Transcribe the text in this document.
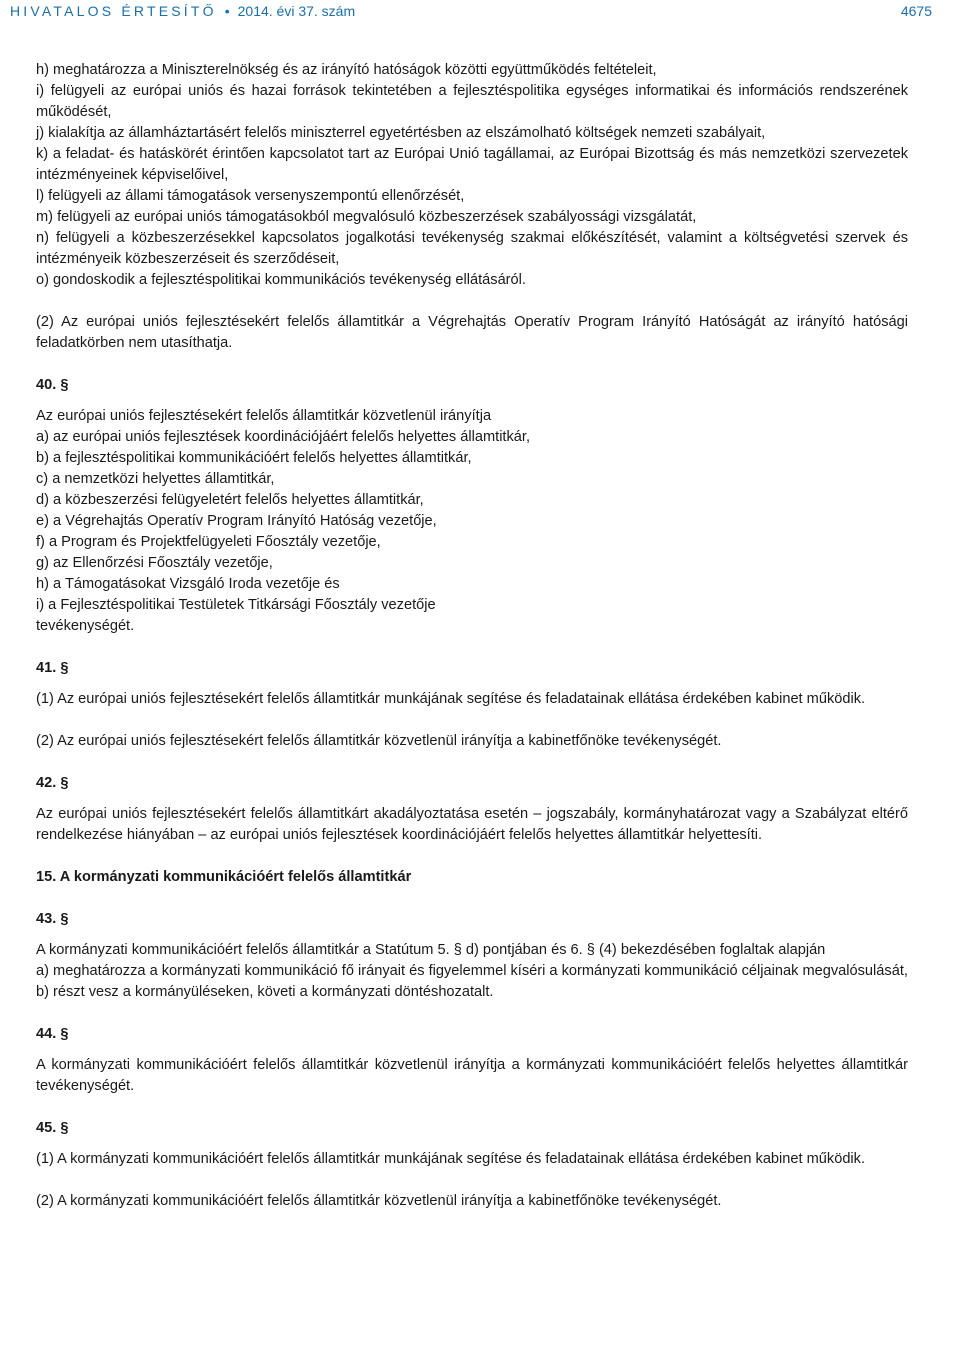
HIVATALOS ÉRTESÍTŐ • 2014. évi 37. szám	4675

h) meghatározza a Miniszterelnökség és az irányító hatóságok közötti együttműködés feltételeit,

i) felügyeli az európai uniós és hazai források tekintetében a fejlesztéspolitika egységes informatikai és információs rendszerének működését,

j) kialakítja az államháztartásért felelős miniszterrel egyetértésben az elszámolható költségek nemzeti szabályait,

k) a feladat- és hatáskörét érintően kapcsolatot tart az Európai Unió tagállamai, az Európai Bizottság és más nemzetközi szervezetek intézményeinek képviselőivel,

l) felügyeli az állami támogatások versenyszempontú ellenőrzését,

m) felügyeli az európai uniós támogatásokból megvalósuló közbeszerzések szabályossági vizsgálatát,

n) felügyeli a közbeszerzésekkel kapcsolatos jogalkotási tevékenység szakmai előkészítését, valamint a költségvetési szervek és intézményeik közbeszerzéseit és szerződéseit,

o) gondoskodik a fejlesztéspolitikai kommunikációs tevékenység ellátásáról.

(2) Az európai uniós fejlesztésekért felelős államtitkár a Végrehajtás Operatív Program Irányító Hatóságát az irányító hatósági feladatkörben nem utasíthatja.

40. §

Az európai uniós fejlesztésekért felelős államtitkár közvetlenül irányítja

a) az európai uniós fejlesztések koordinációjáért felelős helyettes államtitkár,

b) a fejlesztéspolitikai kommunikációért felelős helyettes államtitkár,

c) a nemzetközi helyettes államtitkár,

d) a közbeszerzési felügyeletért felelős helyettes államtitkár,

e) a Végrehajtás Operatív Program Irányító Hatóság vezetője,

f) a Program és Projektfelügyeleti Főosztály vezetője,

g) az Ellenőrzési Főosztály vezetője,

h) a Támogatásokat Vizsgáló Iroda vezetője és

i) a Fejlesztéspolitikai Testületek Titkársági Főosztály vezetője

tevékenységét.

41. §

(1) Az európai uniós fejlesztésekért felelős államtitkár munkájának segítése és feladatainak ellátása érdekében kabinet működik.

(2) Az európai uniós fejlesztésekért felelős államtitkár közvetlenül irányítja a kabinetfőnöke tevékenységét.

42. §

Az európai uniós fejlesztésekért felelős államtitkárt akadályoztatása esetén – jogszabály, kormányhatározat vagy a Szabályzat eltérő rendelkezése hiányában – az európai uniós fejlesztések koordinációjáért felelős helyettes államtitkár helyettesíti.

15. A kormányzati kommunikációért felelős államtitkár

43. §

A kormányzati kommunikációért felelős államtitkár a Statútum 5. § d) pontjában és 6. § (4) bekezdésében foglaltak alapján

a) meghatározza a kormányzati kommunikáció fő irányait és figyelemmel kíséri a kormányzati kommunikáció céljainak megvalósulását,

b) részt vesz a kormányüléseken, követi a kormányzati döntéshozatalt.

44. §

A kormányzati kommunikációért felelős államtitkár közvetlenül irányítja a kormányzati kommunikációért felelős helyettes államtitkár tevékenységét.

45. §

(1) A kormányzati kommunikációért felelős államtitkár munkájának segítése és feladatainak ellátása érdekében kabinet működik.

(2) A kormányzati kommunikációért felelős államtitkár közvetlenül irányítja a kabinetfőnöke tevékenységét.
